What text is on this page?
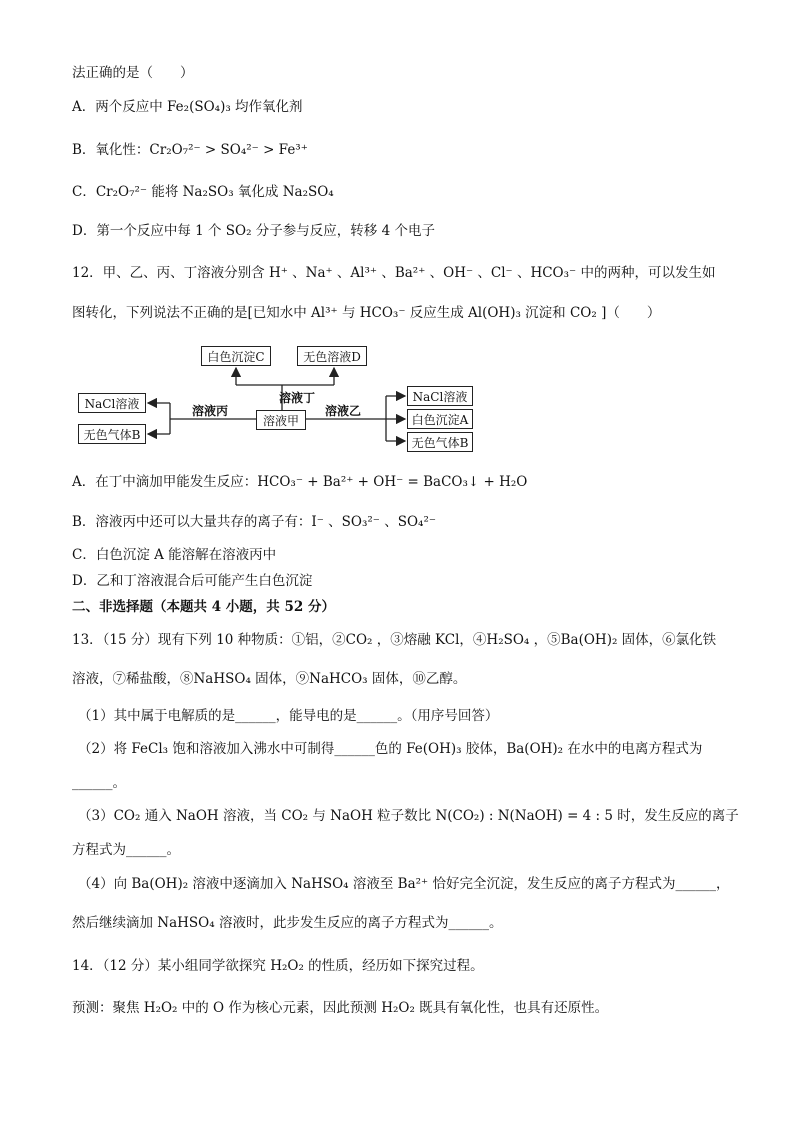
法正确的是（　　）
A．两个反应中 Fe₂(SO₄)₃ 均作氧化剂
B．氧化性：Cr₂O₇²⁻ > SO₄²⁻ > Fe³⁺
C．Cr₂O₇²⁻ 能将 Na₂SO₃ 氧化成 Na₂SO₄
D．第一个反应中每 1 个 SO₂ 分子参与反应，转移 4 个电子
12．甲、乙、丙、丁溶液分别含 H⁺ 、Na⁺ 、Al³⁺ 、Ba²⁺ 、OH⁻ 、Cl⁻ 、HCO₃⁻ 中的两种，可以发生如
图转化，下列说法不正确的是[已知水中 Al³⁺ 与 HCO₃⁻ 反应生成 Al(OH)₃ 沉淀和 CO₂ ]（　　）
白色沉淀C	无色溶液D
溶液甲
NaCl溶液
无色气体B
NaCl溶液
白色沉淀A
无色气体B
溶液丙
溶液丁
溶液乙
A．在丁中滴加甲能发生反应：HCO₃⁻ + Ba²⁺ + OH⁻ = BaCO₃↓ + H₂O
B．溶液丙中还可以大量共存的离子有：I⁻ 、SO₃²⁻ 、SO₄²⁻
C．白色沉淀 A 能溶解在溶液丙中
D．乙和丁溶液混合后可能产生白色沉淀
二、非选择题（本题共 4 小题，共 52 分）
13．（15 分）现有下列 10 种物质：①铝，②CO₂ ，③熔融 KCl，④H₂SO₄ ，⑤Ba(OH)₂ 固体，⑥氯化铁
溶液，⑦稀盐酸，⑧NaHSO₄ 固体，⑨NaHCO₃ 固体，⑩乙醇。
（1）其中属于电解质的是______，能导电的是______。（用序号回答）
（2）将 FeCl₃ 饱和溶液加入沸水中可制得______色的 Fe(OH)₃ 胶体，Ba(OH)₂ 在水中的电离方程式为
______。
（3）CO₂ 通入 NaOH 溶液，当 CO₂ 与 NaOH 粒子数比 N(CO₂) : N(NaOH) = 4 : 5 时，发生反应的离子
方程式为______。
（4）向 Ba(OH)₂ 溶液中逐滴加入 NaHSO₄ 溶液至 Ba²⁺ 恰好完全沉淀，发生反应的离子方程式为______，
然后继续滴加 NaHSO₄ 溶液时，此步发生反应的离子方程式为______。
14．（12 分）某小组同学欲探究 H₂O₂ 的性质，经历如下探究过程。
预测：聚焦 H₂O₂ 中的 O 作为核心元素，因此预测 H₂O₂ 既具有氧化性，也具有还原性。
